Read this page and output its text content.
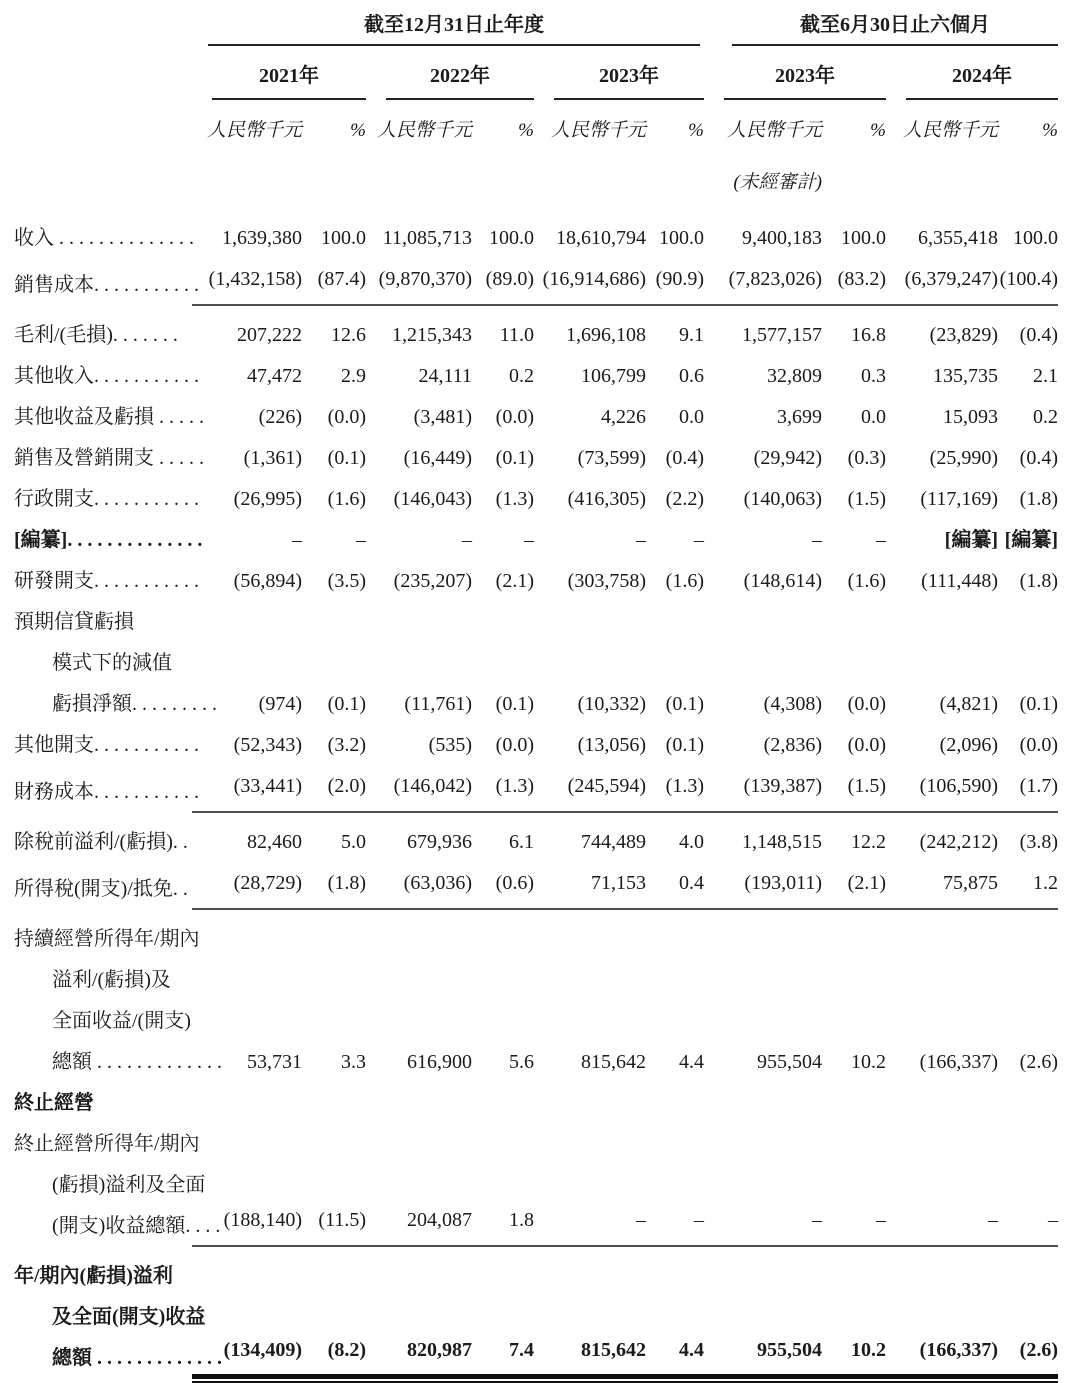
截至12月31日止年度	截至6月30日止六個月
2021年	2022年	2023年	2023年	2024年
人民幣千元	% 人民幣千元	% 人民幣千元	%	人民幣千元	% 人民幣千元	%
(未經審計)
收入 . . . . . . . . . . . . . .	1,639,380 100.0 11,085,713 100.0	18,610,794 100.0	9,400,183 100.0	6,355,418 100.0
銷售成本. . . . . . . . . . . (1,432,158) (87.4) (9,870,370) (89.0) (16,914,686) (90.9)	(7,823,026) (83.2) (6,379,247) (100.4)
毛利/(毛損). . . . . . .	207,222	12.6	1,215,343	11.0	1,696,108	9.1	1,577,157	16.8	(23,829)	(0.4)
其他收入. . . . . . . . . . .	47,472	2.9	24,111	0.2	106,799	0.6	32,809	0.3	135,735	2.1
其他收益及虧損 . . . . .	(226)	(0.0)	(3,481)	(0.0)	4,226	0.0	3,699	0.0	15,093	0.2
銷售及營銷開支 . . . . .	(1,361)	(0.1)	(16,449)	(0.1)	(73,599) (0.4)	(29,942)	(0.3)	(25,990)	(0.4)
行政開支. . . . . . . . . . .	(26,995)	(1.6)	(146,043)	(1.3)	(416,305) (2.2)	(140,063)	(1.5)	(117,169)	(1.8)
[編纂]. . . . . . . . . . . . . .	–	–	–	–	–	–	–	–	[編纂] [編纂]
研發開支. . . . . . . . . . .	(56,894)	(3.5)	(235,207)	(2.1)	(303,758) (1.6)	(148,614)	(1.6)	(111,448)	(1.8)
預期信貸虧損
模式下的減值
虧損淨額. . . . . . . . .	(974)	(0.1)	(11,761)	(0.1)	(10,332) (0.1)	(4,308)	(0.0)	(4,821)	(0.1)
其他開支. . . . . . . . . . .	(52,343)	(3.2)	(535)	(0.0)	(13,056) (0.1)	(2,836)	(0.0)	(2,096)	(0.0)
財務成本. . . . . . . . . . .	(33,441)	(2.0)	(146,042)	(1.3)	(245,594) (1.3)	(139,387)	(1.5)	(106,590)	(1.7)
除稅前溢利/(虧損). .	82,460	5.0	679,936	6.1	744,489	4.0	1,148,515	12.2	(242,212)	(3.8)
所得稅(開支)/抵免. .	(28,729)	(1.8)	(63,036)	(0.6)	71,153	0.4	(193,011)	(2.1)	75,875	1.2
持續經營所得年/期內
溢利/(虧損)及
全面收益/(開支)
總額 . . . . . . . . . . . . .	53,731	3.3	616,900	5.6	815,642	4.4	955,504	10.2	(166,337)	(2.6)
終止經營
終止經營所得年/期內
(虧損)溢利及全面
(開支)收益總額. . . . (188,140) (11.5)	204,087	1.8	–	–	–	–	–	–
年/期內(虧損)溢利
及全面(開支)收益
總額 . . . . . . . . . . . . . (134,409)	(8.2)	820,987	7.4	815,642	4.4	955,504	10.2	(166,337)	(2.6)
